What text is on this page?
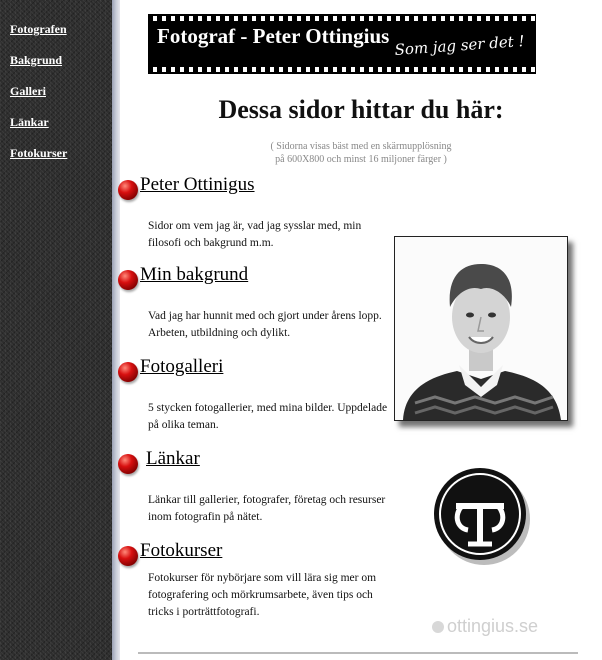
Fotografen
Bakgrund
Galleri
Länkar
Fotokurser
Fotograf - Peter Ottingius Som jag ser det !
Dessa sidor hittar du här:
( Sidorna visas bäst med en skärmupplösning
på 600X800 och minst 16 miljoner färger )
Peter Ottinigus

Sidor om vem jag är, vad jag sysslar med, min filosofi och bakgrund m.m.

Min bakgrund

Vad jag har hunnit med och gjort under årens lopp. Arbeten, utbildning och dylikt.

Fotogalleri

5 stycken fotogallerier, med mina bilder. Uppdelade på olika teman.

Länkar

Länkar till gallerier, fotografer, företag och resurser inom fotografin på nätet.

Fotokurser

Fotokurser för nybörjare som vill lära sig mer om fotografering och mörkrumsarbete, även tips och tricks i porträttfotografi.

ottingius.se
